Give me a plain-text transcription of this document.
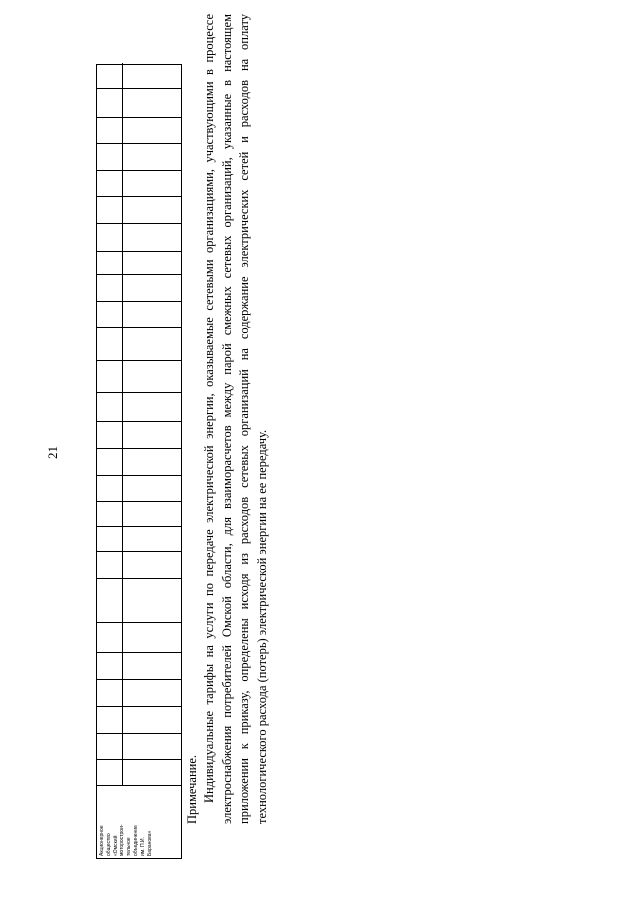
21
Акционерное общество «Омский моторострои- тельное объединение им. П.И. Баранова»

Примечание. Индивидуальные тарифы на услуги по передаче электрической энергии, оказываемые сетевыми организациями, участвующими в процессе электроснабжения потребителей Омской области, для взаиморасчетов между парой смежных сетевых организаций, указанные в настоящем приложении к приказу, определены исходя из расходов сетевых организаций на содержание электрических сетей и расходов на оплату технологического расхода (потерь) электрической энергии на ее передачу.
